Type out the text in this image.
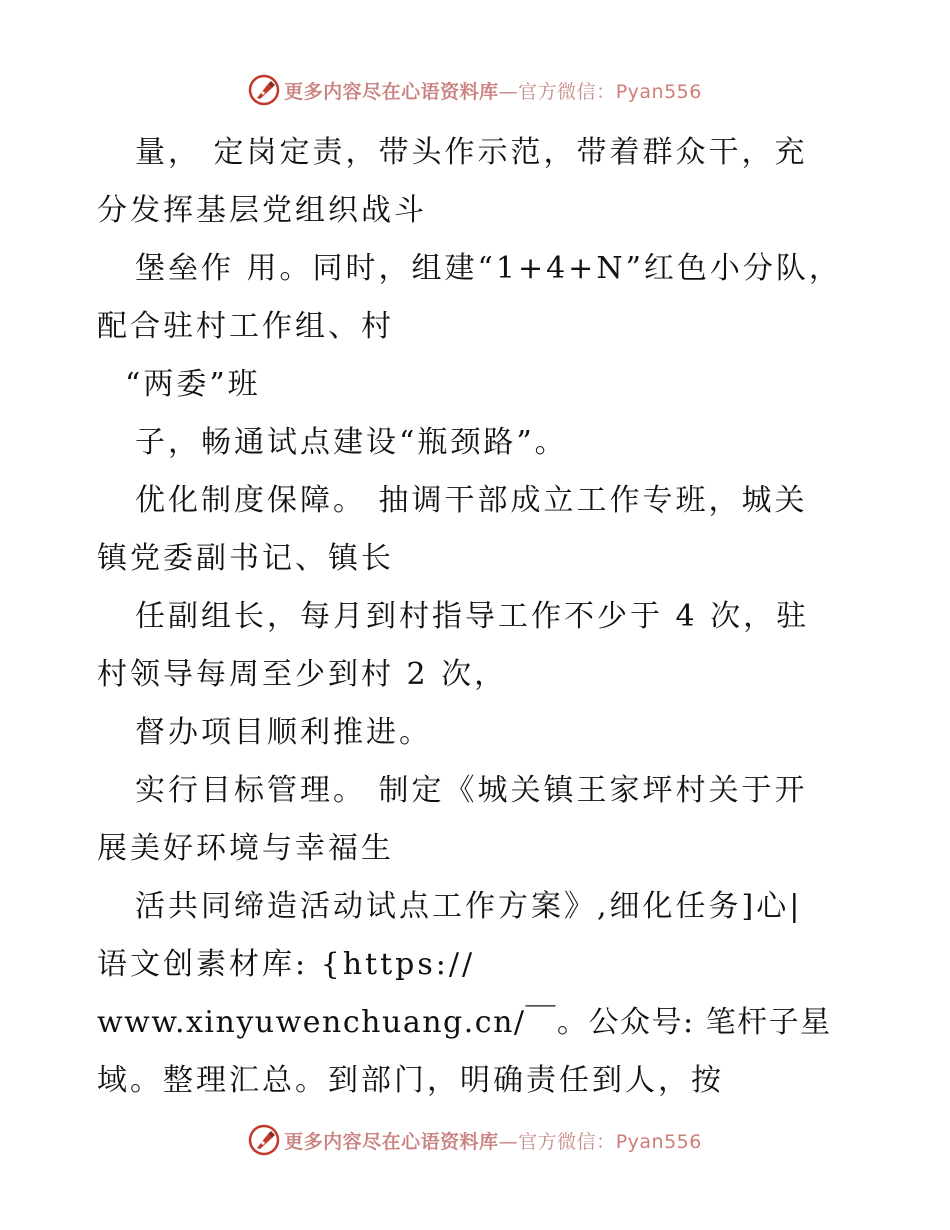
更多内容尽在心语资料库—官方微信：Pyan556
量， 定岗定责，带头作示范，带着群众干，充
分发挥基层党组织战斗
堡垒作 用。同时，组建“1+4+N”红色小分队，
配合驻村工作组、村
“两委”班
子，畅通试点建设“瓶颈路”。
优化制度保障。 抽调干部成立工作专班，城关
镇党委副书记、镇长
任副组长，每月到村指导工作不少于 4 次，驻
村领导每周至少到村 2 次，
督办项目顺利推进。
实行目标管理。 制定《城关镇王家坪村关于开
展美好环境与幸福生
活共同缔造活动试点工作方案》,细化任务]心|
语文创素材库: {https://
www.xinyuwenchuang.cn/￣。公众号: 笔杆子星
域。整理汇总。到部门，明确责任到人，按
更多内容尽在心语资料库—官方微信：Pyan556
